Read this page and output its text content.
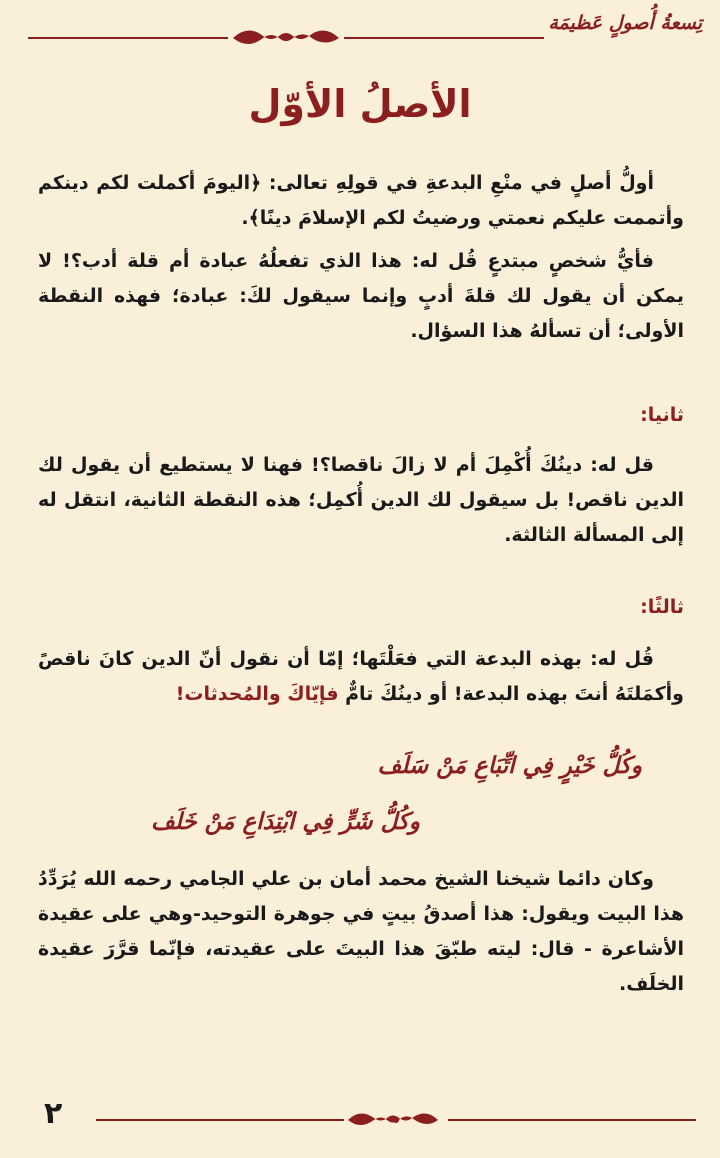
تِسعةُ أُصولٍ عَظيمَة
الأصلُ الأوّل

أولُّ أصلٍ في منْعِ البدعةِ في قولِهِ تعالى: ﴿اليومَ أكملت لكم دينكم وأتممت عليكم نعمتي ورضيتُ لكم الإسلامَ دينًا﴾.

فأيُّ شخصٍ مبتدعٍ قُل له: هذا الذي تفعلُهُ عبادة أم قلة أدب؟! لا يمكن أن يقول لك قلةَ أدبٍ وإنما سيقول لكَ: عبادة؛ فهذه النقطة الأولى؛ أن تسألهُ هذا السؤال.

ثانيا:

قل له: دينُكَ أُكْمِلَ أم لا زالَ ناقصا؟! فهنا لا يستطيع أن يقول لك الدين ناقص! بل سيقول لك الدين أُكمِل؛ هذه النقطة الثانية، انتقل له إلى المسألة الثالثة.

ثالثًا:

قُل له: بهذه البدعة التي فعَلْتَها؛ إمّا أن نقول أنّ الدين كانَ ناقصً وأكمَلتَهُ أنتَ بهذه البدعة! أو دينُكَ تامٌّ فإيّاكَ والمُحدثات!

وكُلُّ خَيْرٍ فِي اتِّبَاعِ مَنْ سَلَف
وكُلُّ شَرٍّ فِي ابْتِدَاعِ مَنْ خَلَف

وكان دائما شيخنا الشيخ محمد أمان بن علي الجامي رحمه الله يُرَدِّدُ هذا البيت ويقول: هذا أصدقُ بيتٍ في جوهرة التوحيد-وهي على عقيدة الأشاعرة - قال: ليته طبّقَ هذا البيتَ على عقيدته، فإنّما قرَّرَ عقيدة الخلَف.

٢
